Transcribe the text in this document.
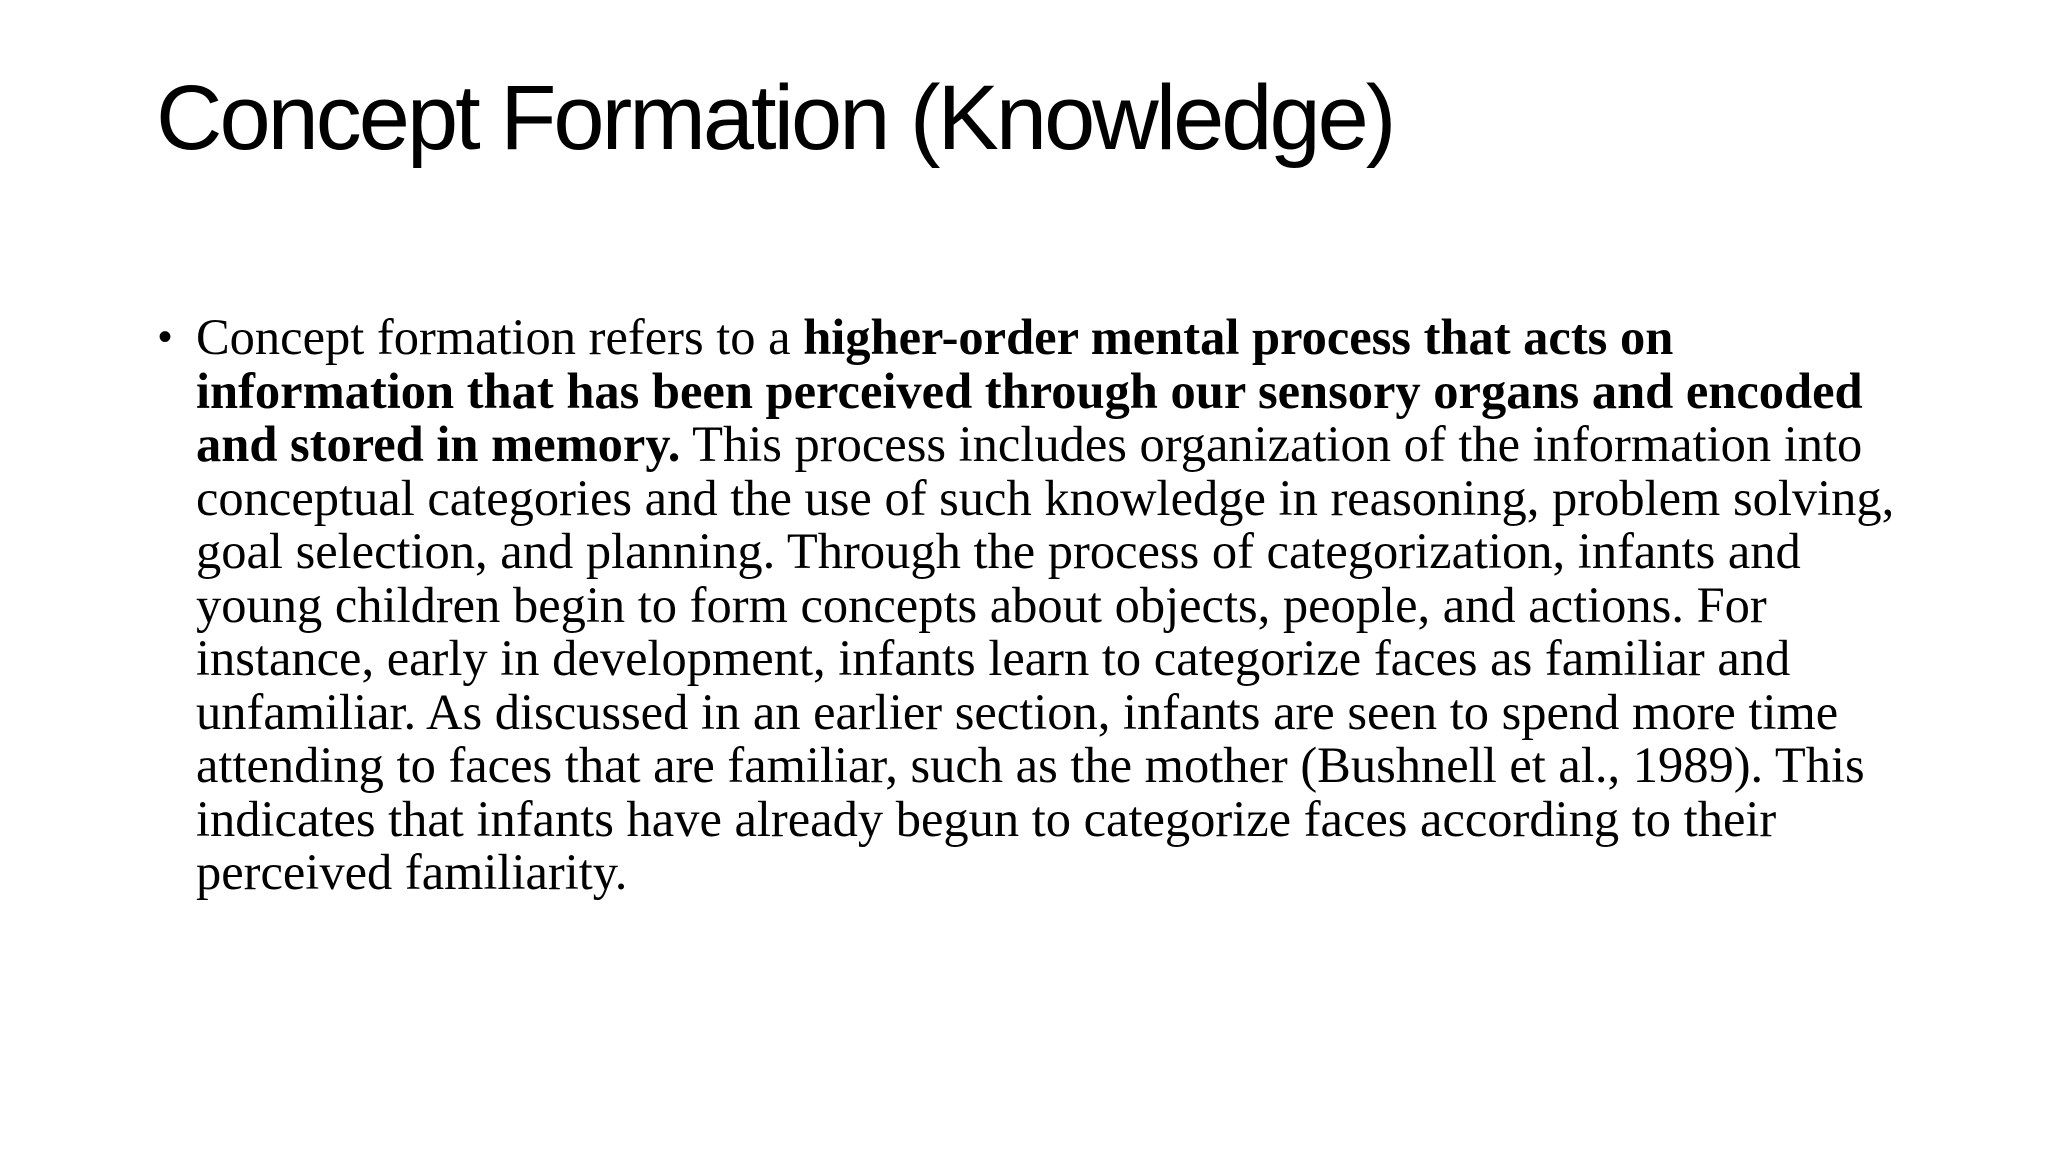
Concept Formation (Knowledge)
• Concept formation refers to a higher-order mental process that acts on information that has been perceived through our sensory organs and encoded and stored in memory. This process includes organization of the information into conceptual categories and the use of such knowledge in reasoning, problem solving, goal selection, and planning. Through the process of categorization, infants and young children begin to form concepts about objects, people, and actions. For instance, early in development, infants learn to categorize faces as familiar and unfamiliar. As discussed in an earlier section, infants are seen to spend more time attending to faces that are familiar, such as the mother (Bushnell et al., 1989). This indicates that infants have already begun to categorize faces according to their perceived familiarity.
